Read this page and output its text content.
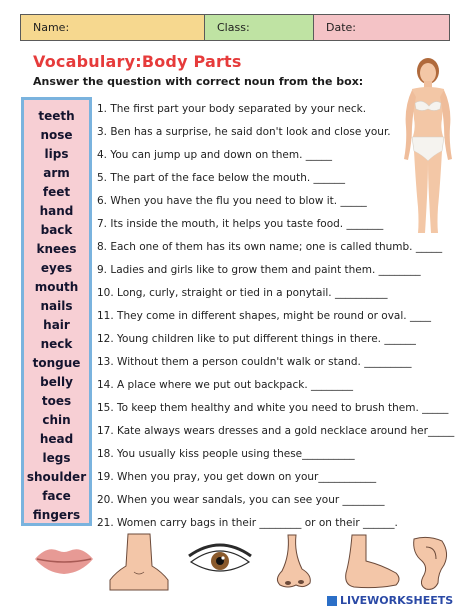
Name:	Class:	Date:
Vocabulary:Body Parts
Answer the question with correct noun from the box:
teeth
nose
lips
arm
feet
hand
back
knees
eyes
mouth
nails
hair
neck
tongue
belly
toes
chin
head
legs
shoulder
face
fingers
1. The first part your body separated by your neck.
3. Ben has a surprise, he said don't look and close your.
4. You can jump up and down on them. _____
5. The part of the face below the mouth. ______
6. When you have the flu you need to blow it. _____
7. Its inside the mouth, it helps you taste food. _______
8. Each one of them has its own name; one is called thumb. _____
9. Ladies and girls like to grow them and paint them. ________
10. Long, curly, straight or tied in a ponytail. __________
11. They come in different shapes, might be round or oval. ____
12. Young children like to put different things in there. ______
13. Without them a person couldn't walk or stand. _________
14. A place where we put out backpack. ________
15. To keep them healthy and white you need to brush them. _____
17. Kate always wears dresses and a gold necklace around her_____
18. You usually kiss people using these__________
19. When you pray, you get down on your___________
20. When you wear sandals, you can see your ________
21. Women carry bags in their ________ or on their ______.
LIVEWORKSHEETS
